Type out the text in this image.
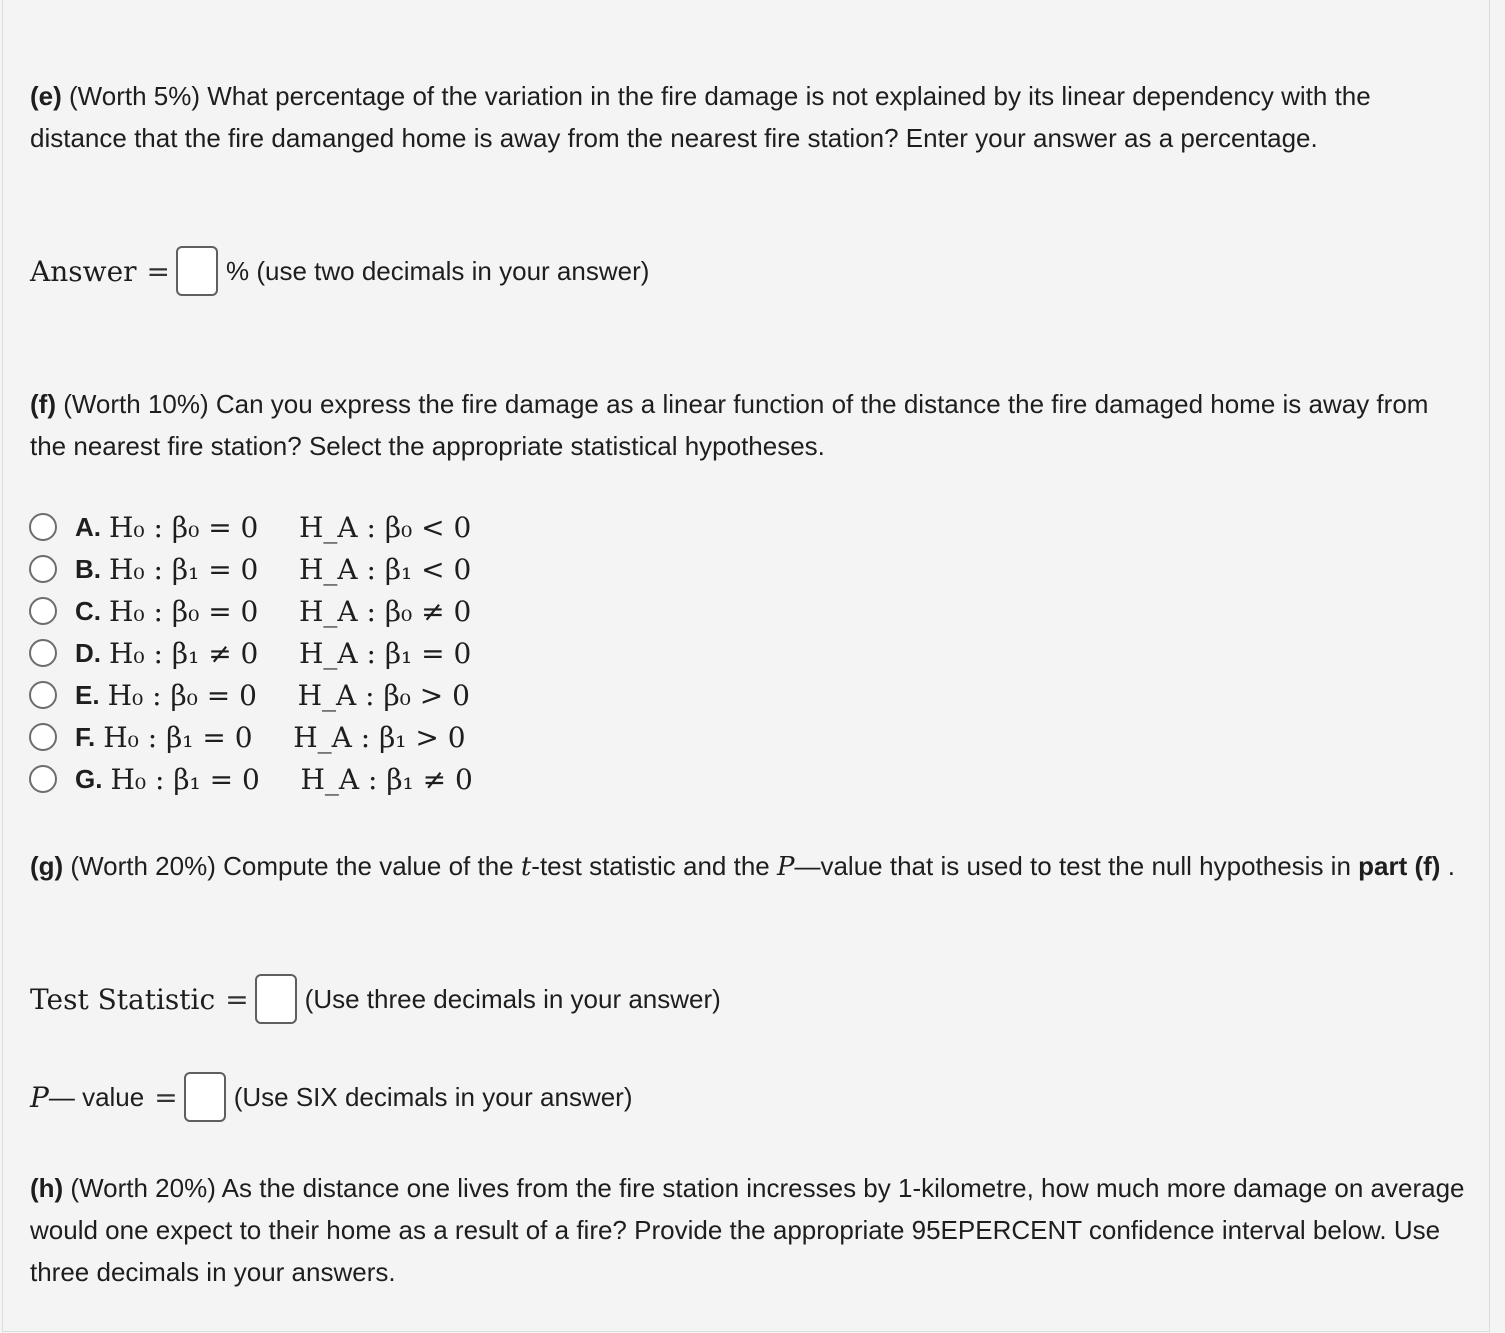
(e) (Worth 5%) What percentage of the variation in the fire damage is not explained by its linear dependency with the distance that the fire damanged home is away from the nearest fire station? Enter your answer as a percentage.
Answer = % (use two decimals in your answer)
(f) (Worth 10%) Can you express the fire damage as a linear function of the distance the fire damaged home is away from the nearest fire station? Select the appropriate statistical hypotheses.
A. H₀ : β₀ = 0	H_A : β₀ < 0
B. H₀ : β₁ = 0	H_A : β₁ < 0
C. H₀ : β₀ = 0	H_A : β₀ ≠ 0
D. H₀ : β₁ ≠ 0	H_A : β₁ = 0
E. H₀ : β₀ = 0	H_A : β₀ > 0
F. H₀ : β₁ = 0	H_A : β₁ > 0
G. H₀ : β₁ = 0	H_A : β₁ ≠ 0
(g) (Worth 20%) Compute the value of the t-test statistic and the P—value that is used to test the null hypothesis in part (f) .
Test Statistic = (Use three decimals in your answer)
P — value = (Use SIX decimals in your answer)
(h) (Worth 20%) As the distance one lives from the fire station incresses by 1-kilometre, how much more damage on average would one expect to their home as a result of a fire? Provide the appropriate 95EPERCENT confidence interval below. Use three decimals in your answers.
